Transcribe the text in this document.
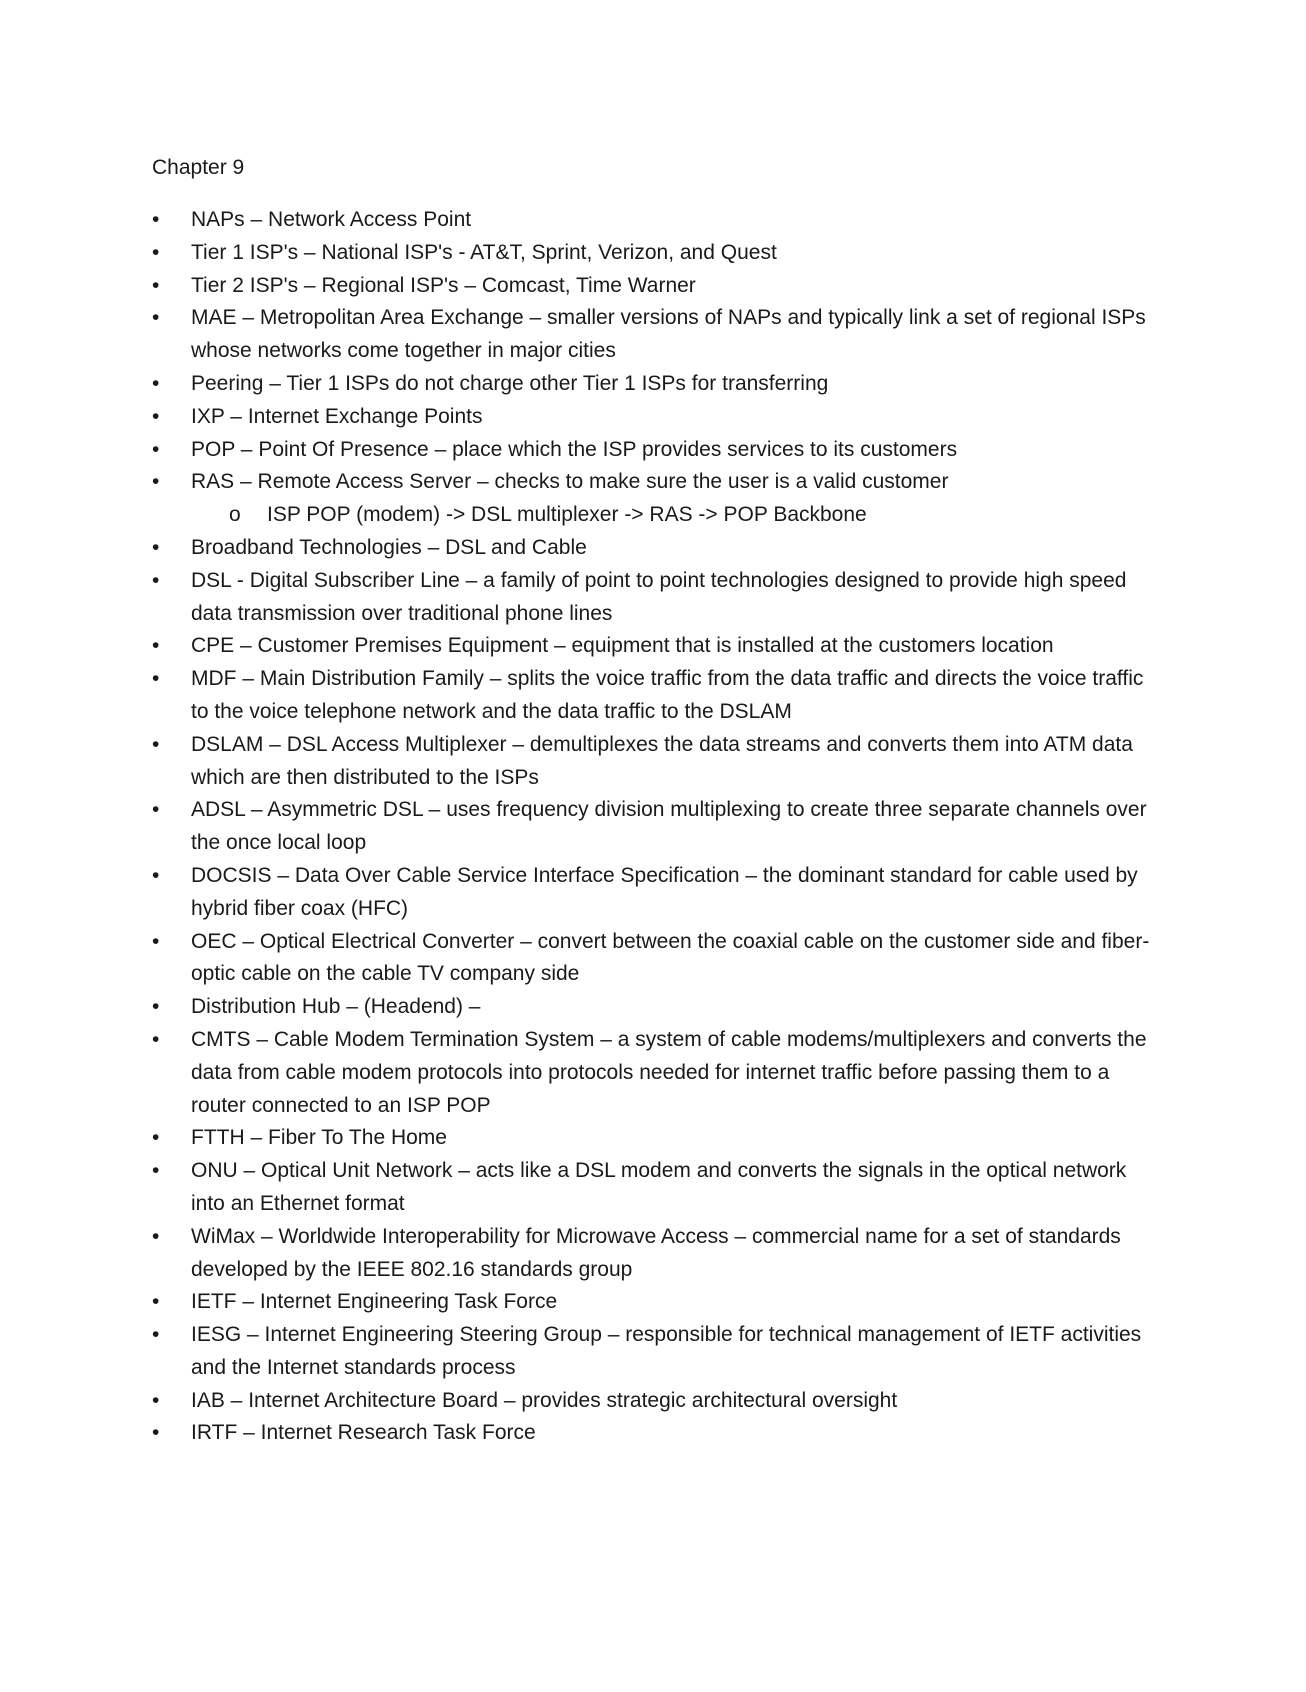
Chapter 9
• NAPs – Network Access Point
• Tier 1 ISP's – National ISP's - AT&T, Sprint, Verizon, and Quest
• Tier 2 ISP's – Regional ISP's – Comcast, Time Warner
• MAE – Metropolitan Area Exchange – smaller versions of NAPs and typically link a set of regional ISPs whose networks come together in major cities
• Peering – Tier 1 ISPs do not charge other Tier 1 ISPs for transferring
• IXP – Internet Exchange Points
• POP – Point Of Presence – place which the ISP provides services to its customers
• RAS – Remote Access Server – checks to make sure the user is a valid customer
o ISP POP (modem) -> DSL multiplexer -> RAS -> POP Backbone
• Broadband Technologies – DSL and Cable
• DSL - Digital Subscriber Line – a family of point to point technologies designed to provide high speed data transmission over traditional phone lines
• CPE – Customer Premises Equipment – equipment that is installed at the customers location
• MDF – Main Distribution Family – splits the voice traffic from the data traffic and directs the voice traffic to the voice telephone network and the data traffic to the DSLAM
• DSLAM – DSL Access Multiplexer – demultiplexes the data streams and converts them into ATM data which are then distributed to the ISPs
• ADSL – Asymmetric DSL – uses frequency division multiplexing to create three separate channels over the once local loop
• DOCSIS – Data Over Cable Service Interface Specification – the dominant standard for cable used by hybrid fiber coax (HFC)
• OEC – Optical Electrical Converter – convert between the coaxial cable on the customer side and fiber-optic cable on the cable TV company side
• Distribution Hub – (Headend) –
• CMTS – Cable Modem Termination System – a system of cable modems/multiplexers and converts the data from cable modem protocols into protocols needed for internet traffic before passing them to a router connected to an ISP POP
• FTTH – Fiber To The Home
• ONU – Optical Unit Network – acts like a DSL modem and converts the signals in the optical network into an Ethernet format
• WiMax – Worldwide Interoperability for Microwave Access – commercial name for a set of standards developed by the IEEE 802.16 standards group
• IETF – Internet Engineering Task Force
• IESG – Internet Engineering Steering Group – responsible for technical management of IETF activities and the Internet standards process
• IAB – Internet Architecture Board – provides strategic architectural oversight
• IRTF – Internet Research Task Force
